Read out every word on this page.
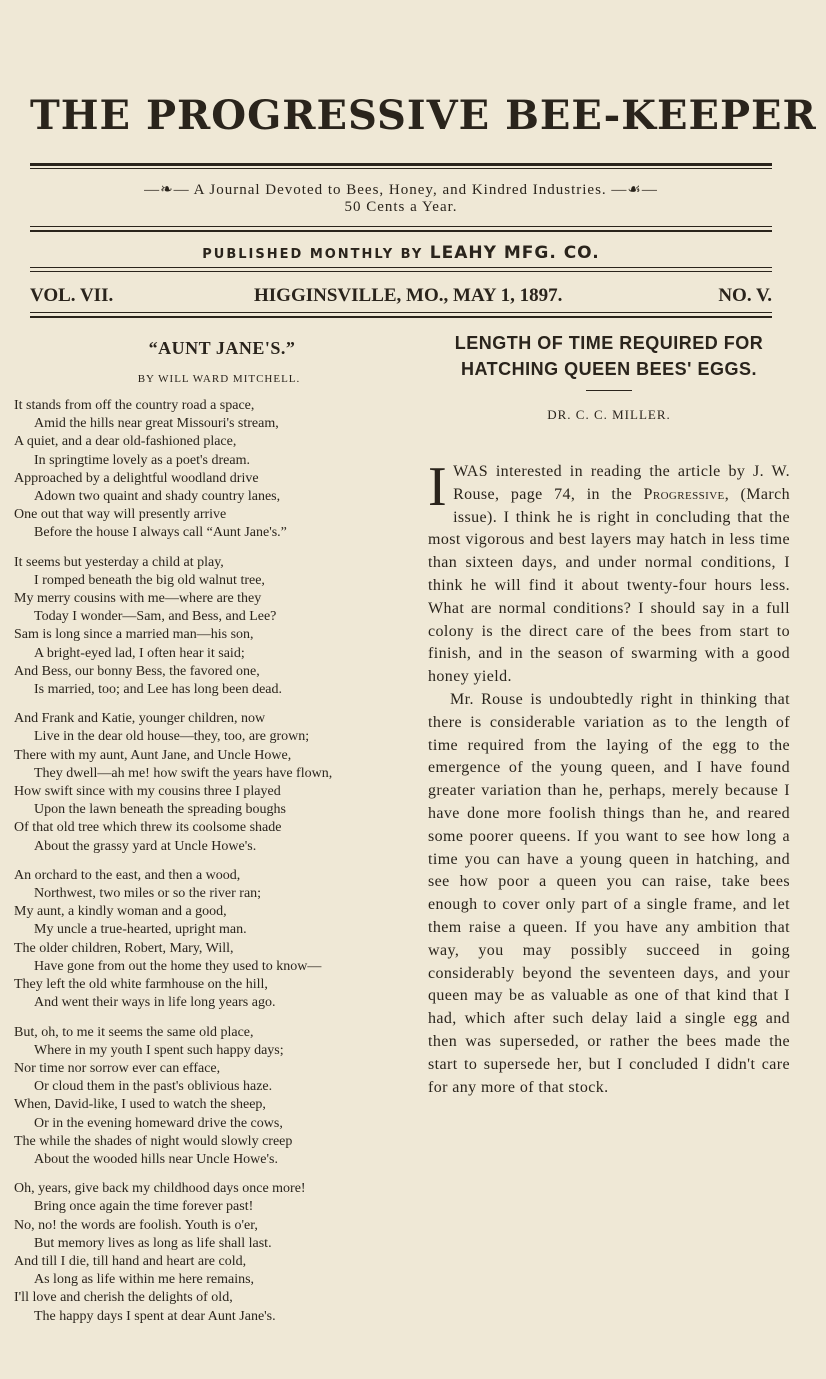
THE PROGRESSIVE BEE-KEEPER
—❧― A Journal Devoted to Bees, Honey, and Kindred Industries. ―☙—
50 Cents a Year.
PUBLISHED MONTHLY BY LEAHY MFG. CO.
VOL. VII.	HIGGINSVILLE, MO., MAY 1, 1897.	NO. V.
“AUNT JANE'S.”
BY WILL WARD MITCHELL.
It stands from off the country road a space,
Amid the hills near great Missouri's stream,
A quiet, and a dear old-fashioned place,
In springtime lovely as a poet's dream.
Approached by a delightful woodland drive
Adown two quaint and shady country lanes,
One out that way will presently arrive
Before the house I always call “Aunt Jane's.”
It seems but yesterday a child at play,
I romped beneath the big old walnut tree,
My merry cousins with me—where are they
Today I wonder—Sam, and Bess, and Lee?
Sam is long since a married man—his son,
A bright-eyed lad, I often hear it said;
And Bess, our bonny Bess, the favored one,
Is married, too; and Lee has long been dead.
And Frank and Katie, younger children, now
Live in the dear old house—they, too, are grown;
There with my aunt, Aunt Jane, and Uncle Howe,
They dwell—ah me! how swift the years have flown,
How swift since with my cousins three I played
Upon the lawn beneath the spreading boughs
Of that old tree which threw its coolsome shade
About the grassy yard at Uncle Howe's.
An orchard to the east, and then a wood,
Northwest, two miles or so the river ran;
My aunt, a kindly woman and a good,
My uncle a true-hearted, upright man.
The older children, Robert, Mary, Will,
Have gone from out the home they used to know—
They left the old white farmhouse on the hill,
And went their ways in life long years ago.
But, oh, to me it seems the same old place,
Where in my youth I spent such happy days;
Nor time nor sorrow ever can efface,
Or cloud them in the past's oblivious haze.
When, David-like, I used to watch the sheep,
Or in the evening homeward drive the cows,
The while the shades of night would slowly creep
About the wooded hills near Uncle Howe's.
Oh, years, give back my childhood days once more!
Bring once again the time forever past!
No, no! the words are foolish. Youth is o'er,
But memory lives as long as life shall last.
And till I die, till hand and heart are cold,
As long as life within me here remains,
I'll love and cherish the delights of old,
The happy days I spent at dear Aunt Jane's.
LENGTH OF TIME REQUIRED FOR
HATCHING QUEEN BEES' EGGS.
DR. C. C. MILLER.

I WAS interested in reading the article by J. W. Rouse, page 74, in the Progressive, (March issue). I think he is right in concluding that the most vigorous and best layers may hatch in less time than sixteen days, and under normal conditions, I think he will find it about twenty-four hours less. What are normal conditions? I should say in a full colony is the direct care of the bees from start to finish, and in the season of swarming with a good honey yield.

Mr. Rouse is undoubtedly right in thinking that there is considerable variation as to the length of time required from the laying of the egg to the emergence of the young queen, and I have found greater variation than he, perhaps, merely because I have done more foolish things than he, and reared some poorer queens. If you want to see how long a time you can have a young queen in hatching, and see how poor a queen you can raise, take bees enough to cover only part of a single frame, and let them raise a queen. If you have any ambition that way, you may possibly succeed in going considerably beyond the seventeen days, and your queen may be as valuable as one of that kind that I had, which after such delay laid a single egg and then was superseded, or rather the bees made the start to supersede her, but I concluded I didn't care for any more of that stock.
